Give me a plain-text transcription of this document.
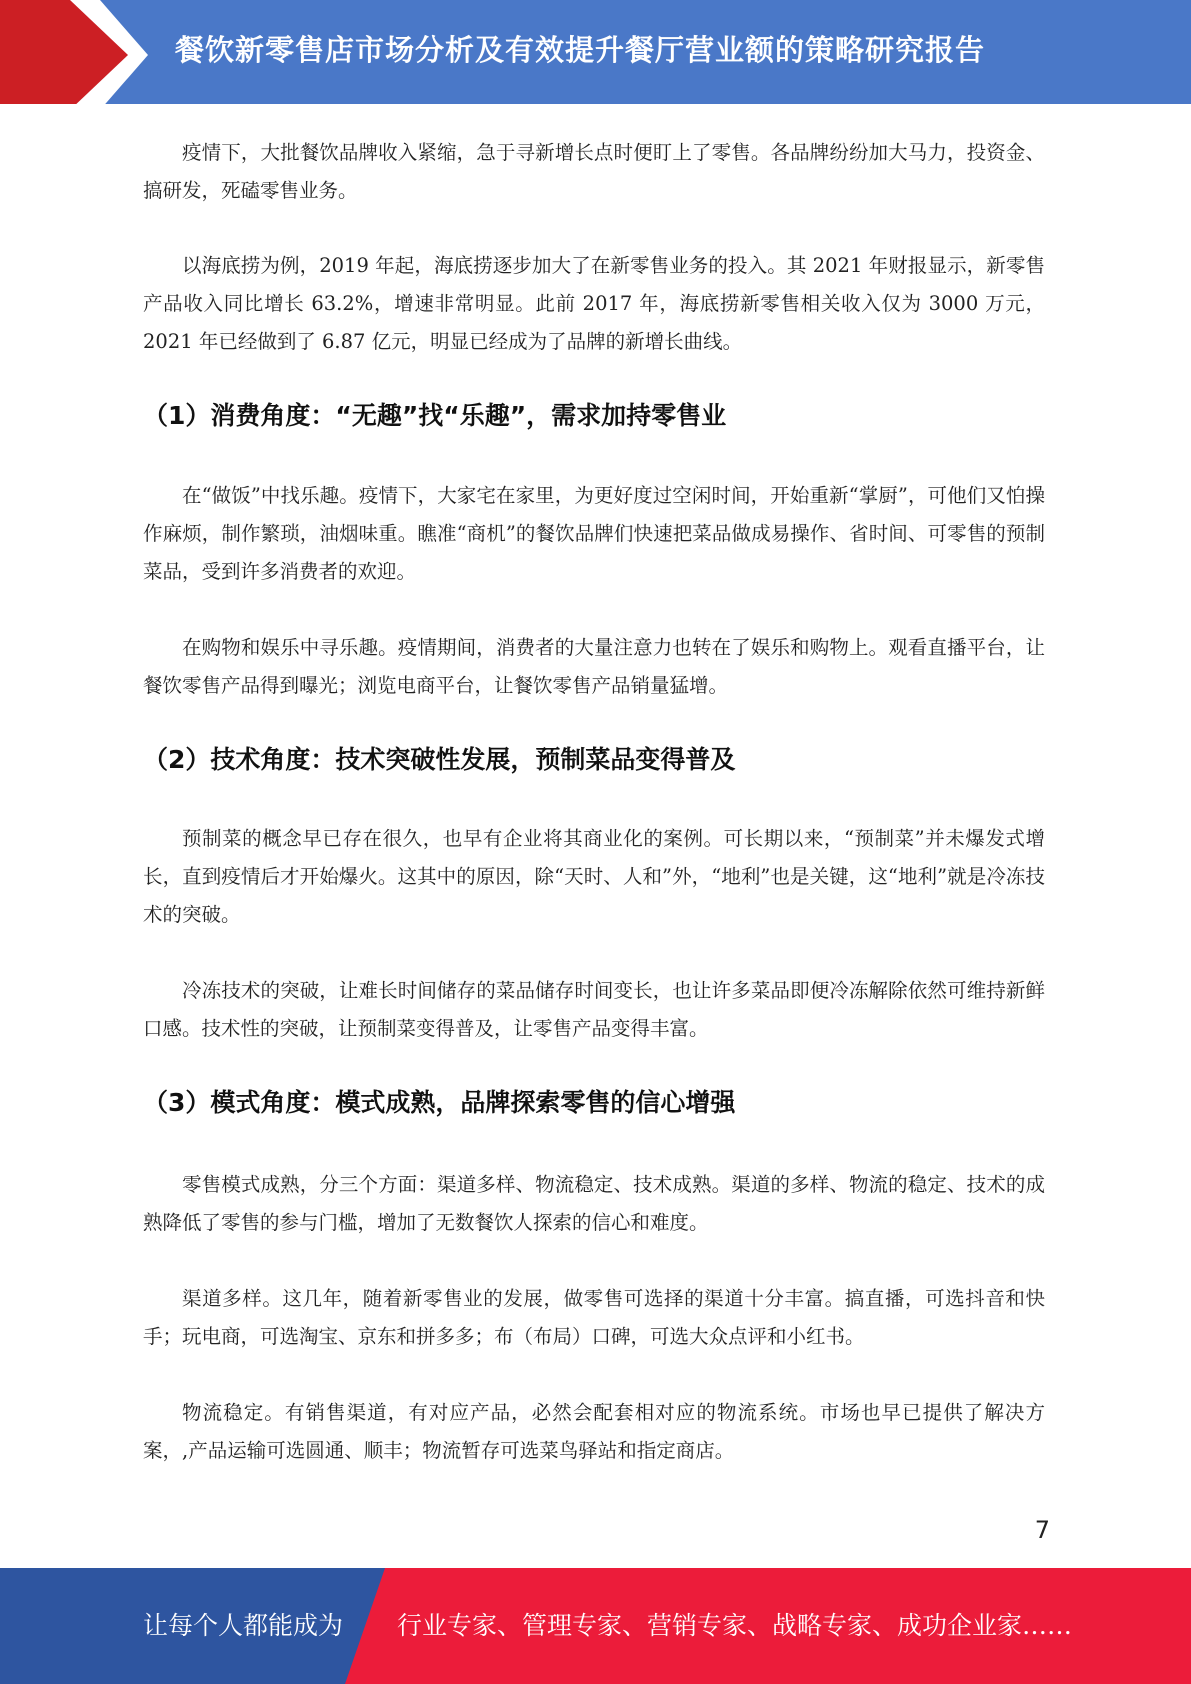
餐饮新零售店市场分析及有效提升餐厅营业额的策略研究报告

疫情下，大批餐饮品牌收入紧缩，急于寻新增长点时便盯上了零售。各品牌纷纷加大马力，投资金、搞研发，死磕零售业务。

以海底捞为例，2019 年起，海底捞逐步加大了在新零售业务的投入。其 2021 年财报显示，新零售产品收入同比增长 63.2%，增速非常明显。此前 2017 年，海底捞新零售相关收入仅为 3000 万元，2021 年已经做到了 6.87 亿元，明显已经成为了品牌的新增长曲线。

（1）消费角度：“无趣”找“乐趣”，需求加持零售业

在“做饭”中找乐趣。疫情下，大家宅在家里，为更好度过空闲时间，开始重新“掌厨”，可他们又怕操作麻烦，制作繁琐，油烟味重。瞧准“商机”的餐饮品牌们快速把菜品做成易操作、省时间、可零售的预制菜品，受到许多消费者的欢迎。

在购物和娱乐中寻乐趣。疫情期间，消费者的大量注意力也转在了娱乐和购物上。观看直播平台，让餐饮零售产品得到曝光；浏览电商平台，让餐饮零售产品销量猛增。

（2）技术角度：技术突破性发展，预制菜品变得普及

预制菜的概念早已存在很久，也早有企业将其商业化的案例。可长期以来，“预制菜”并未爆发式增长，直到疫情后才开始爆火。这其中的原因，除“天时、人和”外，“地利”也是关键，这“地利”就是冷冻技术的突破。

冷冻技术的突破，让难长时间储存的菜品储存时间变长，也让许多菜品即便冷冻解除依然可维持新鲜口感。技术性的突破，让预制菜变得普及，让零售产品变得丰富。

（3）模式角度：模式成熟，品牌探索零售的信心增强

零售模式成熟，分三个方面：渠道多样、物流稳定、技术成熟。渠道的多样、物流的稳定、技术的成熟降低了零售的参与门槛，增加了无数餐饮人探索的信心和难度。

渠道多样。这几年，随着新零售业的发展，做零售可选择的渠道十分丰富。搞直播，可选抖音和快手；玩电商，可选淘宝、京东和拼多多；布（布局）口碑，可选大众点评和小红书。

物流稳定。有销售渠道，有对应产品，必然会配套相对应的物流系统。市场也早已提供了解决方案，,产品运输可选圆通、顺丰；物流暂存可选菜鸟驿站和指定商店。

7
让每个人都能成为 行业专家、管理专家、营销专家、战略专家、成功企业家……
